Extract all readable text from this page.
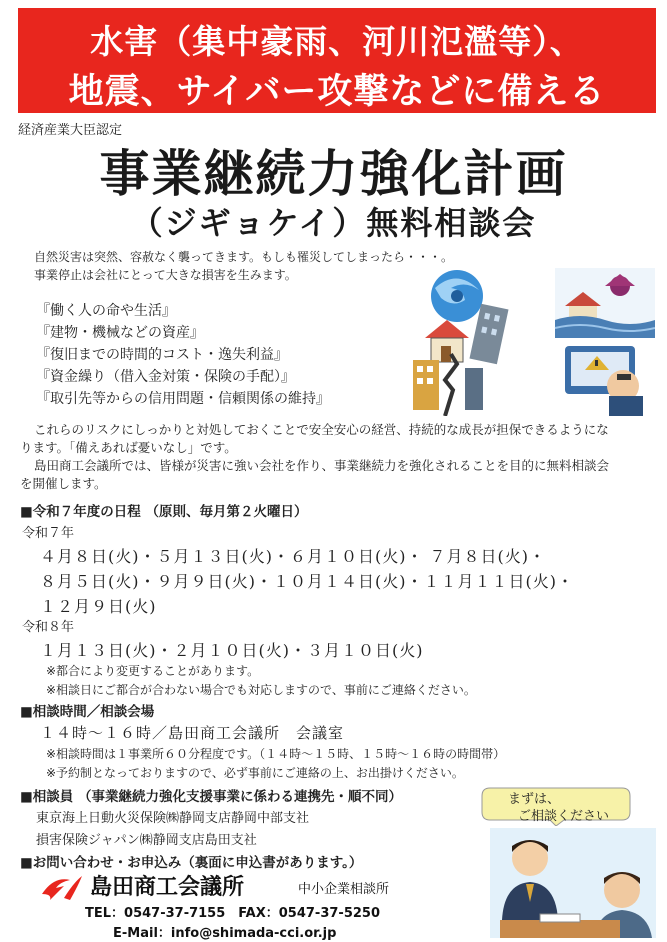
水害（集中豪雨、河川氾濫等）、
地震、サイバー攻撃などに備える
経済産業大臣認定
事業継続力強化計画
（ジギョケイ）無料相談会
自然災害は突然、容赦なく襲ってきます。もしも罹災してしまったら・・・。
事業停止は会社にとって大きな損害を生みます。
『働く人の命や生活』
『建物・機械などの資産』
『復旧までの時間的コスト・逸失利益』
『資金繰り（借入金対策・保険の手配）』
『取引先等からの信用問題・信頼関係の維持』
これらのリスクにしっかりと対処しておくことで安全安心の経営、持続的な成長が担保できるようにな
ります。「備えあれば憂いなし」です。
島田商工会議所では、皆様が災害に強い会社を作り、事業継続力を強化されることを目的に無料相談会
を開催します。
■令和７年度の日程 （原則、毎月第２火曜日）
令和７年
４月８日(火)・５月１３日(火)・６月１０日(火)・ ７月８日(火)・
８月５日(火)・９月９日(火)・１０月１４日(火)・１１月１１日(火)・
１２月９日(火)
令和８年
１月１３日(火)・２月１０日(火)・３月１０日(火)
※都合により変更することがあります。
※相談日にご都合が合わない場合でも対応しますので、事前にご連絡ください。
■相談時間／相談会場
１４時～１６時／島田商工会議所　会議室
※相談時間は１事業所６０分程度です。（１４時～１５時、１５時～１６時の時間帯）
※予約制となっておりますので、必ず事前にご連絡の上、お出掛けください。
■相談員 （事業継続力強化支援事業に係わる連携先・順不同）
東京海上日動火災保険㈱静岡支店静岡中部支社
損害保険ジャパン㈱静岡支店島田支社
■お問い合わせ・お申込み（裏面に申込書があります。）
まずは、
ご相談ください
島田商工会議所	中小企業相談所
TEL：0547-37-7155　FAX：0547-37-5250
E-Mail：info@shimada-cci.or.jp
